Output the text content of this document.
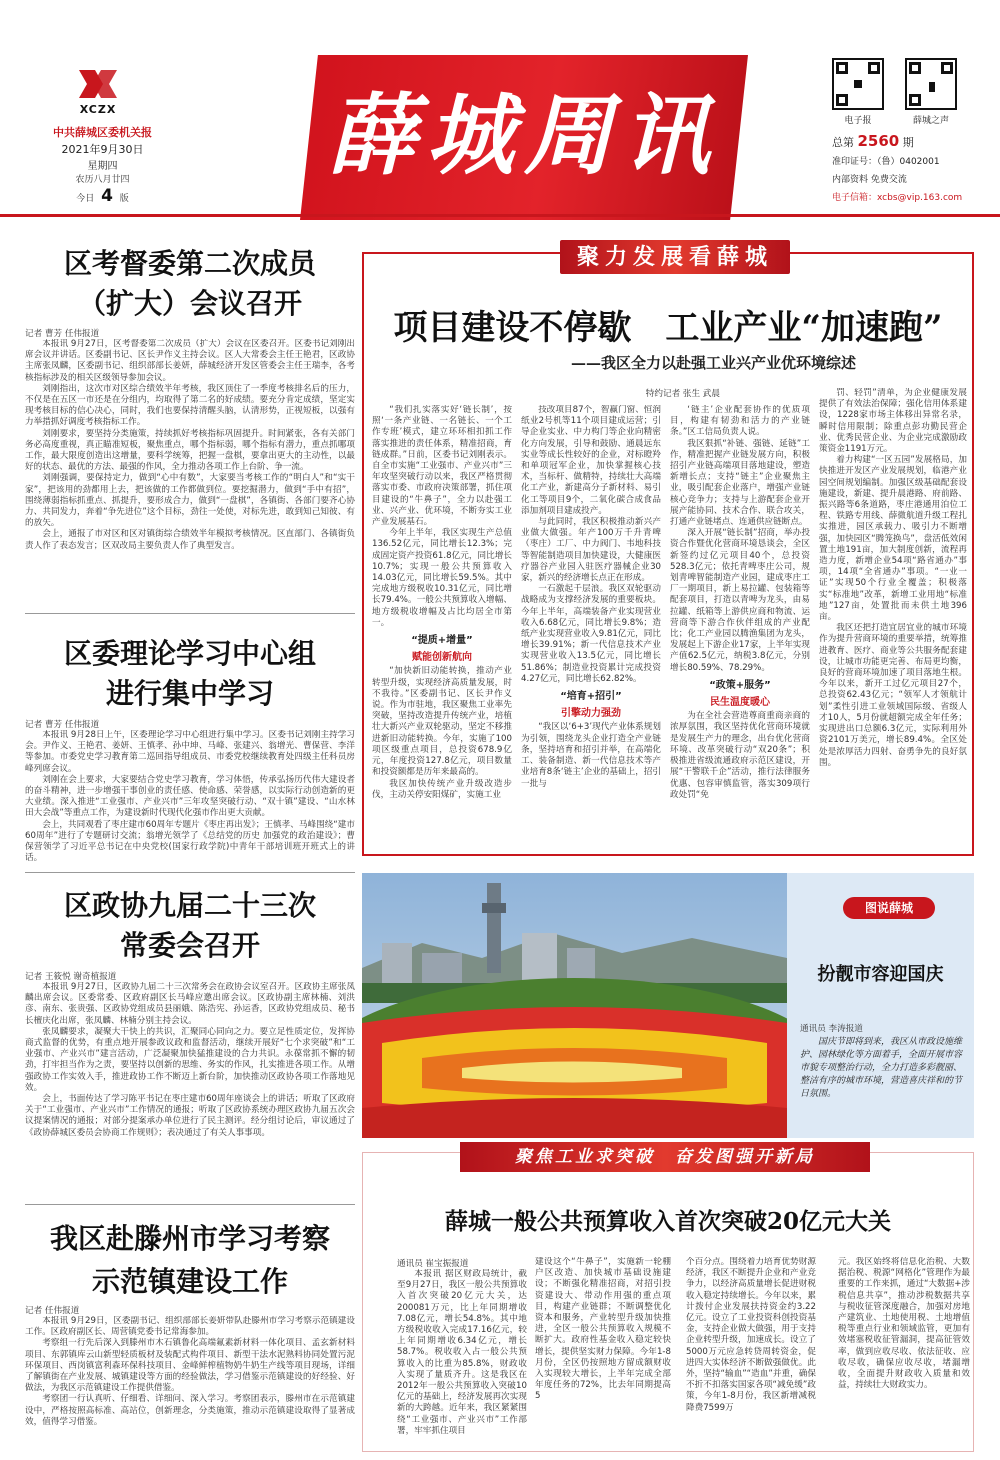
XCZX
中共薛城区委机关报
2021年9月30日
星期四
农历八月廿四
今日 4 版
薛城周讯	电子报	薛城之声
总第 2560 期
准印证号：（鲁）0402001
内部资料 免费交流
电子信箱：xcbs@vip.163.com
区考督委第二次成员
（扩大）会议召开
记者 曹芳 任伟报道

本报讯 9月27日，区考督委第二次成员（扩大）会议在区委召开。区委书记刘刚出席会议并讲话。区委副书记、区长尹作义主持会议。区人大常委会主任王艳君，区政协主席张凤麟，区委副书记、组织部部长姜妍，薛城经济开发区管委会主任王瑞李，各考核指标涉及的相关区级领导参加会议。

刘刚指出，这次市对区综合绩效半年考核，我区顶住了一季度考核排名后的压力，不仅是在五区一市还是在分组内，均取得了第二名的好成绩。要充分肯定成绩，坚定实现考核目标的信心决心，同时，我们也要保持清醒头脑，认清形势，正视短板，以强有力举措抓好调度考核指标工作。

刘刚要求，要坚持分类施策，持续抓好考核指标巩固提升。时间紧张，各有关部门务必高度重视，真正瞄准短板，聚焦重点，哪个指标弱，哪个指标有潜力，重点抓哪项工作，最大限度创造出这增量，要科学统筹，把握一盘棋，要拿出更大的主动性，以最好的状态、最优的方法、最强的作风，全力推动各项工作上台阶、争一流。

刘刚强调，要保持定力，做到“心中有数”，大家要当考核工作的“明白人”和“实干家”，把该用的劲都用上去，把该做的工作都做到位。要挖掘潜力，做到“手中有招”，围绕薄弱指标抓重点、抓提升，要形成合力，做到“一盘棋”，各镇街、各部门要齐心协力、共同发力，奔着“争先进位”这个目标，劲往一处使，对标先进，敢到知己知彼、有的放矢。

会上，通报了市对区和区对镇街综合绩效半年模拟考核情况。区直部门、各镇街负责人作了表态发言；区双改局主要负责人作了典型发言。

区委理论学习中心组
进行集中学习
记者 曹芳 任伟报道

本报讯 9月28日上午，区委理论学习中心组进行集中学习。区委书记刘刚主持学习会。尹作义、王艳君、姜妍、王慎孝、孙中坤、马峰、张建兴、翁增光、曹保营、李洋等参加。市委党史学习教育第二巡回指导组成员、市委党校继续教育处四级主任科员房峰列席会议。

刘刚在会上要求，大家要结合党史学习教育，学习体悟，传承弘扬历代伟大建设者的奋斗精神，进一步增强干事创业的责任感、使命感、荣誉感，以实际行动创造新的更大业绩。深入推进“工业强市、产业兴市”三年攻坚突破行动、“双十镇”建设、“山水林田大会战”等重点工作，为建设新时代现代化强市作出更大贡献。

会上，共同观看了枣庄建市60周年专题片《枣庄再出发》；王慎孝、马峰围绕“建市60周年”进行了专题研讨交流；翁增光领学了《总结党的历史 加强党的政治建设》；曹保营领学了习近平总书记在中央党校(国家行政学院)中青年干部培训班开班式上的讲话。

区政协九届二十三次
常委会召开
记者 王筱悦 谢奇植报道

本报讯 9月27日，区政协九届二十三次常务会在政协会议室召开。区政协主席张凤麟出席会议。区委常委、区政府副区长马峰应邀出席会议。区政协副主席林楠、刘洪彦、南东、张贵强、区政协党组成员县丽娥、陈浩宪、孙运香，区政协党组成员、秘书长檀庆化出席，张凤麟、林楠分别主持会议。

张凤麟要求，凝聚大干快上的共识，汇聚同心同向之力。要立足性质定位，发挥协商式监督的优势，有重点地开展参政议政和监督活动，继续开展好“七个求突破”和“工业强市、产业兴市”建言活动，广泛凝聚加快猛推建设的合力共识。永葆常抓不懈的韧劲，打牢担当作为之责，要坚持以创新的思维、务实的作风，扎实推进各项工作。从增强政协工作实效入手，推进政协工作不断迈上新台阶，加快推动区政协各项工作落地见效。

会上，书面传达了学习陈平书记在枣庄建市60周年座谈会上的讲话；听取了区政府关于“工业强市、产业兴市”工作情况的通报；听取了区政协系统办理区政协九届五次会议提案情况的通报；对部分提案承办单位进行了民主测评。经分组讨论后，审议通过了《政协薛城区委员会协商工作规则》；表决通过了有关人事事项。

我区赴滕州市学习考察
示范镇建设工作
记者 任伟报道

本报讯 9月29日，区委副书记、组织部部长姜妍带队赴滕州市学习考察示范镇建设工作。区政府副区长、周营镇党委书记常海参加。

考察组一行先后深入到滕州市木石镇鲁化高端氟素新材料一体化项目、孟玄新材料项目、东郭镇库云山新型轻质板材及装配式构件项目、新型干法水泥熟料协同处置污泥环保项目、西岗镇富利森环保科技项目、金峰鲜榨植物奶牛奶生产线等项目现场，详细了解镇街在产业发展、城镇建设等方面的经验做法，学习借鉴示范镇建设的好经验、好做法，为我区示范镇建设工作提供借鉴。

考察团一行认真听、仔细看、详细问、深入学习。考察团表示，滕州市在示范镇建设中，严格按照高标准、高站位，创新理念，分类施策，推动示范镇建设取得了显著成效，值得学习借鉴。

聚力发展看薛城
项目建设不停歇　工业产业“加速跑”
——我区全力以赴强工业兴产业优环境综述
特约记者 张生 武晨

“我们扎实落实好‘链长制’，按照‘一条产业链、一名链长、一个工作专班’模式，建立环环相扣抓工作落实推进的责任体系，精准招商，育链成群。”日前，区委书记刘刚表示。自全市实施“工业强市、产业兴市”三年攻坚突破行动以来，我区严格贯彻落实市委、市政府决策部署，抓住项目建设的“牛鼻子”，全力以赴强工业、兴产业、优环境，不断夯实工业产业发展基石。

今年上半年，我区实现生产总值136.52亿元，同比增长12.3%；完成固定资产投资61.8亿元，同比增长10.7%；实现一般公共预算收入14.03亿元，同比增长59.5%。其中完成地方级税收10.31亿元，同比增长79.4%。一般公共预算收入增幅、地方级税收增幅及占比均居全市第一。

“提质+增量”
赋能创新航向

“加快新旧动能转换，推动产业转型升级，实现经济高质量发展，时不我待。”区委副书记、区长尹作义说。作为市驻地，我区聚焦工业率先突破，坚持改造提升传统产业，培植壮大新兴产业双轮驱动，坚定不移推进新旧动能转换。今年，实施了100项区级重点项目，总投资678.9亿元，年度投资127.8亿元，项目数量和投资额都是历年来最高的。

我区加快传统产业升级改造步伐，主动关停安阳煤矿，实施工业

技改项目87个，智赢门窗、恒润纸业2号机等11个项目建成运营；引导企业实业、中力构门等企业向精密化方向发展，引导和鼓励、通晨远东实业等成长性较好的企业，对标瞪羚和单项冠军企业，加快掌握核心技术，当标杆、做精特，持续壮大高端化工产业，新建高分子新材料、易引化工等项目9个，二氧化碳合成食品添加剂项目建成投产。

与此同时，我区积极推动新兴产业做大做强。年产100万千升青啤（枣庄）工厂、中力阀门、韦地科技等智能制造项目加快建设，大健康医疗器谷产业园入驻医疗器械企业30家，新兴的经济增长点正在形成。

一石激起千层浪。我区双轮驱动战略成为支撑经济发展的重要板块。今年上半年，高端装备产业实现营业收入6.68亿元，同比增长9.8%；造纸产业实现营业收入9.81亿元，同比增长39.91%；新一代信息技术产业实现营业收入13.5亿元，同比增长51.86%；制造业投资累计完成投资4.27亿元，同比增长62.82%。

“培育+招引”
引擎动力强劲

“我区以‘6+3’现代产业体系规划为引领，围绕龙头企业打造全产业链条，坚持培育和招引并举，在高端化工、装备制造、新一代信息技术等产业培育8条‘链主’企业的基础上，招引一批与

‘链主’企业配套协作的优质项目，构建有韧劲和活力的产业链条。”区工信局负责人说。

我区狠抓“补链、强链、延链”工作，精准把握产业链发展方向，积极招引产业链高端项目落地建设，塑造新增长点；支持“链主”企业聚焦主业，吸引配套企业落户，增强产业链核心竞争力；支持与上游配套企业开展产能协同、技术合作、联合攻关，打通产业链堵点、连通供应链断点。

深入开展“链长制”招商，举办投资合作暨优化营商环境恳谈会，全区新签约过亿元项目40个，总投资528.3亿元；依托青啤枣庄公司，规划青啤智能制造产业园，建成枣庄工厂一期项目，新上易拉罐、包装箱等配套项目，打造以青啤为龙头，由易拉罐、纸箱等上游供应商和物流、运营商等下游合作伙伴组成的产业配比；化工产业园以腾渔集团为龙头，发展起上下游企业17家，上半年实现产值62.5亿元，纳税3.8亿元，分别增长80.59%、78.29%。

“政策+服务”
民生温度暖心

为在全社会营造尊商重商亲商的浓厚氛围，我区坚持优化营商环境就是发展生产力的理念，出台优化营商环境、改革突破行动“双20条”；积极推进省级流通政府示范区建设，开展“干警联千企”活动，推行法律服务优惠、包容审慎监管，落实309项行政处罚“免

罚、轻罚”清单，为企业健康发展提供了有效法治保障；强化信用体系建设，1228家市场主体移出异常名录，瞬时信用限制；除重点彭功勤民营企业、优秀民营企业、为企业完成激励政策资金1191万元。

着力构建“一区五园”发展格局，加快推进开发区产业发展规划，临港产业园空间规划编制。加强区级基础配套设施建设，新建、提升晨港路、府前路、振兴路等6条道路，枣庄港通用泊位工程、铁路专用线、薛微航道升级工程扎实推进，园区承载力、吸引力不断增强，加快园区“腾笼换鸟”，盘活低效闲置土地191亩，加大制度创新，流程再造力度，新增企业54项“路省通办”事项，14项“全省通办”事项。“一业一证”实现50个行业全覆盖；积极落实“标准地”改革，新增工业用地“标准地”127亩，处置批而未供土地396亩。

我区还把打造宜居宜业的城市环境作为提升营商环境的重要举措，统筹推进教育、医疗、商业等公共服务配套建设，让城市功能更完善、布局更均衡，良好的营商环境加速了项目落地生根。今年以来，新开工过亿元项目27个，总投资62.43亿元；“领军人才领航计划”柔性引进工业领域国际级、省级人才10人，5月份就超额完成全年任务；实现进出口总额6.3亿元，实际利用外资2101万美元，增长89.4%。全区处处是浓厚活力四射、奋勇争先的良好氛围。

图说薛城
扮靓市容迎国庆
通讯员 李涛报道
国庆节即将到来，我区从市政设施维护、园林绿化等方面着手，全面开展市容市貌专项整治行动，全力打造多彩靓丽、整洁有序的城市环境，营造喜庆祥和的节日氛围。
聚焦工业求突破　奋发图强开新局
薛城一般公共预算收入首次突破20亿元大关
通讯员 崔宝振报道
本报讯 据区财政局统计，截至9月27日，我区一般公共预算收入首次突破20亿元大关，达200081万元，比上年同期增收7.08亿元，增长54.8%。其中地方级税收收入完成17.16亿元，较上年同期增收6.34亿元，增长58.7%。税收收入占一般公共预算收入的比重为85.8%，财政收入实现了量质齐升。这是我区在2012年一般公共预算收入突破10亿元的基础上，经济发展再次实现新的大跨越。近年来，我区紧紧围绕“工业强市、产业兴市”工作部署，牢牢抓住项目
建设这个“牛鼻子”，实施新一轮棚户区改造、加快城市基础设施建设；不断强化精准招商，对招引投资建设大、带动作用强的重点项目，构建产业链群；不断调整优化资本和服务，产业转型升级加快推进，全区一般公共预算收入规模不断扩大。政府性基金收入稳定较快增长，提供坚实财力保障。今年1-8月份，全区仍按照地方留成额财收入实现较大增长，上半年完成全部年度任务的72%，比去年同期提高5
个百分点。围绕着力培育优势财源经济，我区不断提升企业和产业竞争力，以经济高质量增长促进财税收入稳定持续增长。今年以来，累计拨付企业发展扶持资金约3.22亿元。设立了工业投资科创投资基金，支持企业做大做强，用于支持企业转型升级，加速成长。设立了5000万元应急转贷周转资金，促进四大实体经济不断做强做优。此外，坚持“输血”“造血”并重，确保不折不扣落实国家各项“减免缓”政策，今年1-8月份，我区新增减税降费7599万
元。我区始终将信息化治税、大数据治税、税源“网格化”管理作为最重要的工作来抓，通过“大数据+涉税信息共享”，推动涉税数据共享与税收征管深度融合，加强对房地产建筑业、土地使用税、土地增值税等重点行业和领域监管，更加有效堵塞税收征管漏洞，提高征管效率，做到应收尽收、依法征收、应收尽收，确保应收尽收，堵漏增收，全面提升财政收入质量和效益，持续壮大财政实力。
